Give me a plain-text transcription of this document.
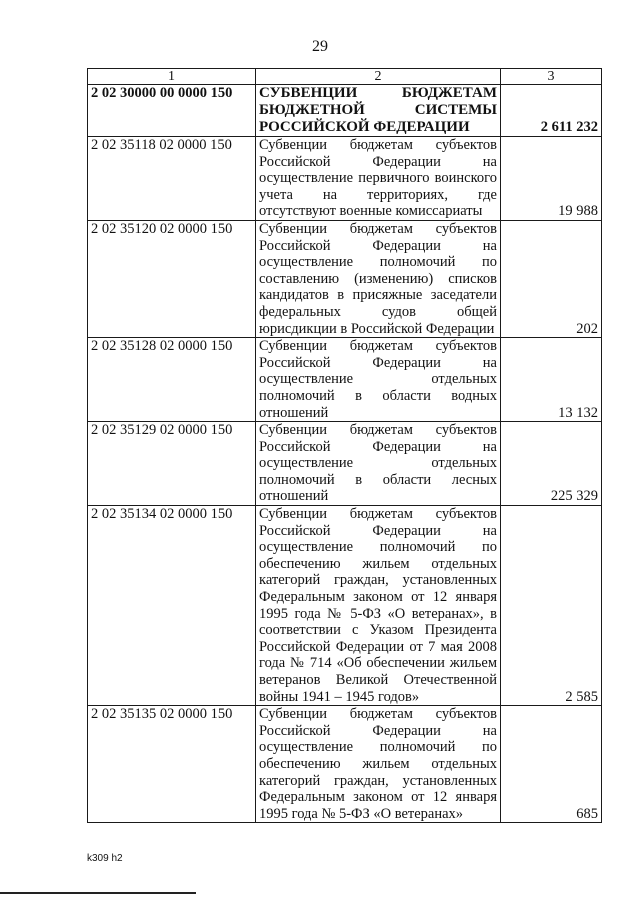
29
1	2	3
2 02 30000 00 0000 150	СУБВЕНЦИИ БЮДЖЕТАМ БЮДЖЕТНОЙ СИСТЕМЫ РОССИЙСКОЙ ФЕДЕРАЦИИ	2 611 232
2 02 35118 02 0000 150	Субвенции бюджетам субъектов Российской Федерации на осуществление первичного воинского учета на территориях, где отсутствуют военные комиссариаты	19 988
2 02 35120 02 0000 150	Субвенции бюджетам субъектов Российской Федерации на осуществление полномочий по составлению (изменению) списков кандидатов в присяжные заседатели федеральных судов общей юрисдикции в Российской Федерации	202
2 02 35128 02 0000 150	Субвенции бюджетам субъектов Российской Федерации на осуществление отдельных полномочий в области водных отношений	13 132
2 02 35129 02 0000 150	Субвенции бюджетам субъектов Российской Федерации на осуществление отдельных полномочий в области лесных отношений	225 329
2 02 35134 02 0000 150	Субвенции бюджетам субъектов Российской Федерации на осуществление полномочий по обеспечению жильем отдельных категорий граждан, установленных Федеральным законом от 12 января 1995 года № 5-ФЗ «О ветеранах», в соответствии с Указом Президента Российской Федерации от 7 мая 2008 года № 714 «Об обеспечении жильем ветеранов Великой Отечественной войны 1941 – 1945 годов»	2 585
2 02 35135 02 0000 150	Субвенции бюджетам субъектов Российской Федерации на осуществление полномочий по обеспечению жильем отдельных категорий граждан, установленных Федеральным законом от 12 января 1995 года № 5-ФЗ «О ветеранах»	685
k309 h2
